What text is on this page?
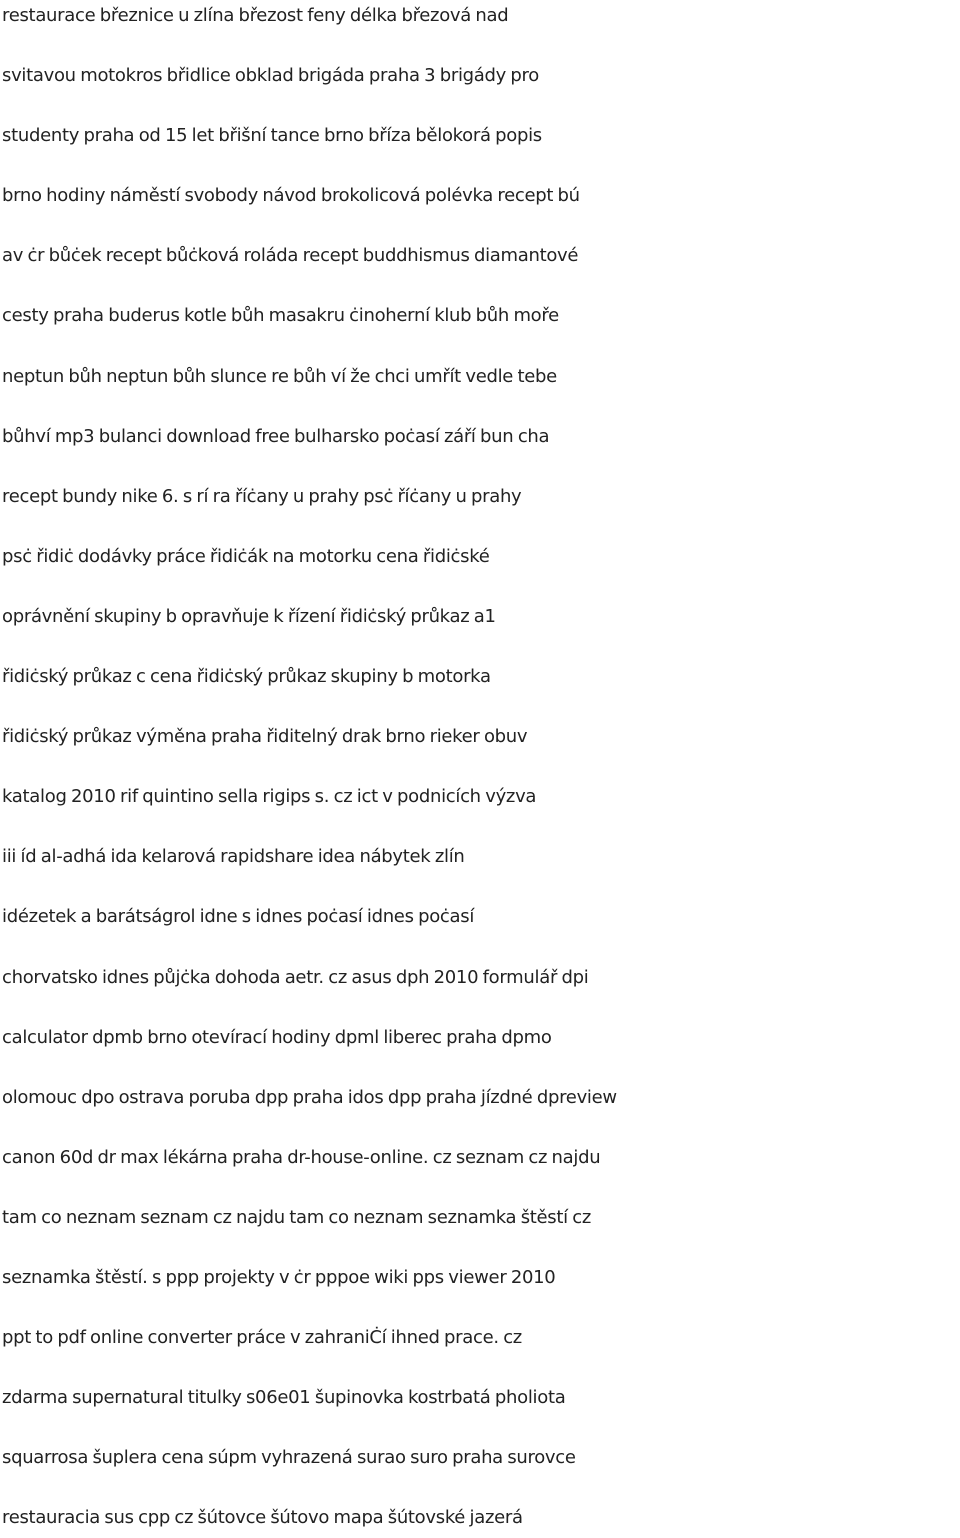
restaurace březnice u zlína březost feny délka březová nad
svitavou motokros břidlice obklad brigáda praha 3 brigády pro
studenty praha od 15 let břišní tance brno bříza bělokorá popis
brno hodiny náměstí svobody návod brokolicová polévka recept bú
av ċr bůċek recept bůċková roláda recept buddhismus diamantové
cesty praha buderus kotle bůh masakru ċinoherní klub bůh moře
neptun bůh neptun bůh slunce re bůh ví že chci umřít vedle tebe
bůhví mp3 bulanci download free bulharsko poċasí září bun cha
recept bundy nike 6. s rí ra říċany u prahy psċ říċany u prahy
psċ řidiċ dodávky práce řidiċák na motorku cena řidiċské
oprávnění skupiny b opravňuje k řízení řidiċský průkaz a1
řidiċský průkaz c cena řidiċský průkaz skupiny b motorka
řidiċský průkaz výměna praha řiditelný drak brno rieker obuv
katalog 2010 rif quintino sella rigips s. cz ict v podnicích výzva
iii íd al-adhá ida kelarová rapidshare idea nábytek zlín
idézetek a barátságrol idne s idnes poċasí idnes poċasí
chorvatsko idnes půjċka dohoda aetr. cz asus dph 2010 formulář dpi
calculator dpmb brno otevírací hodiny dpml liberec praha dpmo
olomouc dpo ostrava poruba dpp praha idos dpp praha jízdné dpreview
canon 60d dr max lékárna praha dr-house-online. cz seznam cz najdu
tam co neznam seznam cz najdu tam co neznam seznamka štěstí cz
seznamka štěstí. s ppp projekty v ċr pppoe wiki pps viewer 2010
ppt to pdf online converter práce v zahraniĊí ihned prace. cz
zdarma supernatural titulky s06e01 šupinovka kostrbatá pholiota
squarrosa šuplera cena súpm vyhrazená surao suro praha surovce
restauracia sus cpp cz šútovce šútovo mapa šútovské jazerá
